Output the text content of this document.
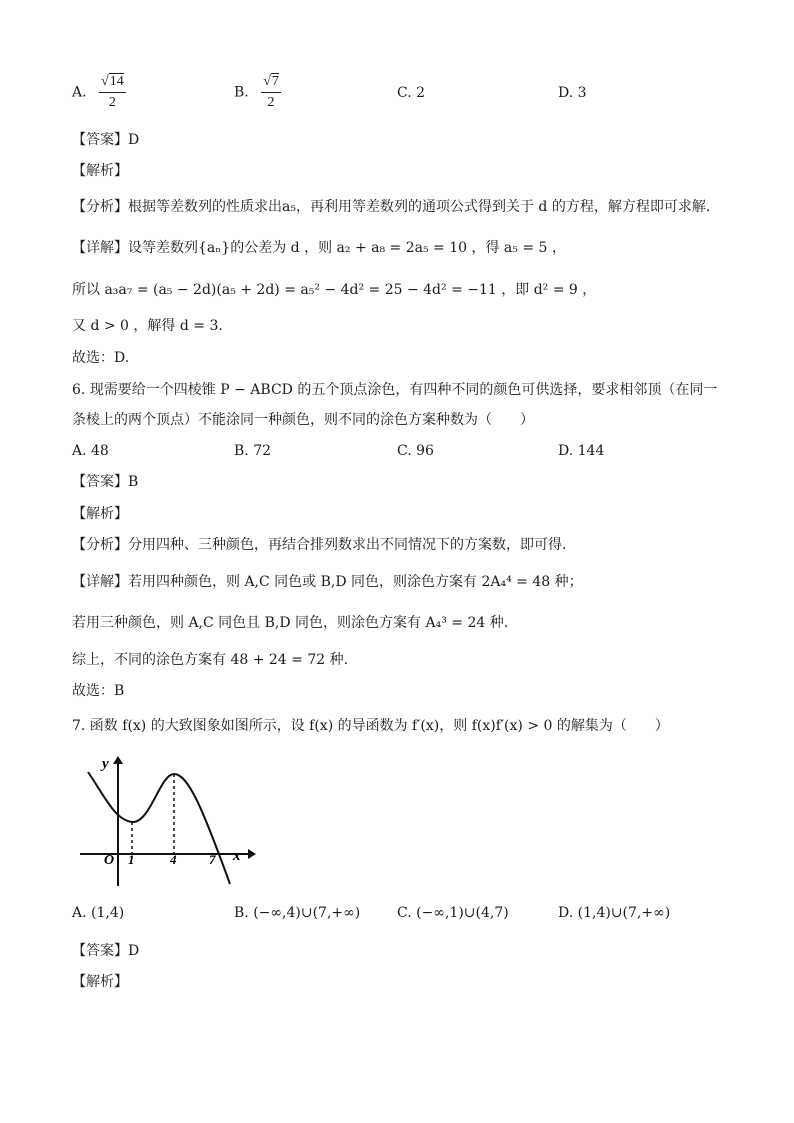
A. $\frac{√14}{2}$	B. $\frac{√7}{2}$	C. 2	D. 3
【答案】D
【解析】
【分析】根据等差数列的性质求出a₅，再利用等差数列的通项公式得到关于 d 的方程，解方程即可求解.
【详解】设等差数列{aₙ}的公差为 d ，则 a₂ + a₈ = 2a₅ = 10 ，得 a₅ = 5 ，
所以 a₃a₇ = (a₅ − 2d)(a₅ + 2d) = a₅² − 4d² = 25 − 4d² = −11 ，即 d² = 9 ，
又 d > 0 ，解得 d = 3.
故选：D.
6. 现需要给一个四棱锥 P − ABCD 的五个顶点涂色，有四种不同的颜色可供选择，要求相邻顶（在同一
条棱上的两个顶点）不能涂同一种颜色，则不同的涂色方案种数为（　　）
A. 48	B. 72	C. 96	D. 144
【答案】B
【解析】
【分析】分用四种、三种颜色，再结合排列数求出不同情况下的方案数，即可得.
【详解】若用四种颜色，则 A,C 同色或 B,D 同色，则涂色方案有 2A₄⁴ = 48 种；
若用三种颜色，则 A,C 同色且 B,D 同色，则涂色方案有 A₄³ = 24 种.
综上，不同的涂色方案有 48 + 24 = 72 种.
故选：B
7. 函数 f(x) 的大致图象如图所示，设 f(x) 的导函数为 f′(x)，则 f(x)f′(x) > 0 的解集为（　　）
y
x
O 1	4	7
A. (1,4)	B. (−∞,4)∪(7,+∞)	C. (−∞,1)∪(4,7)	D. (1,4)∪(7,+∞)
【答案】D
【解析】
